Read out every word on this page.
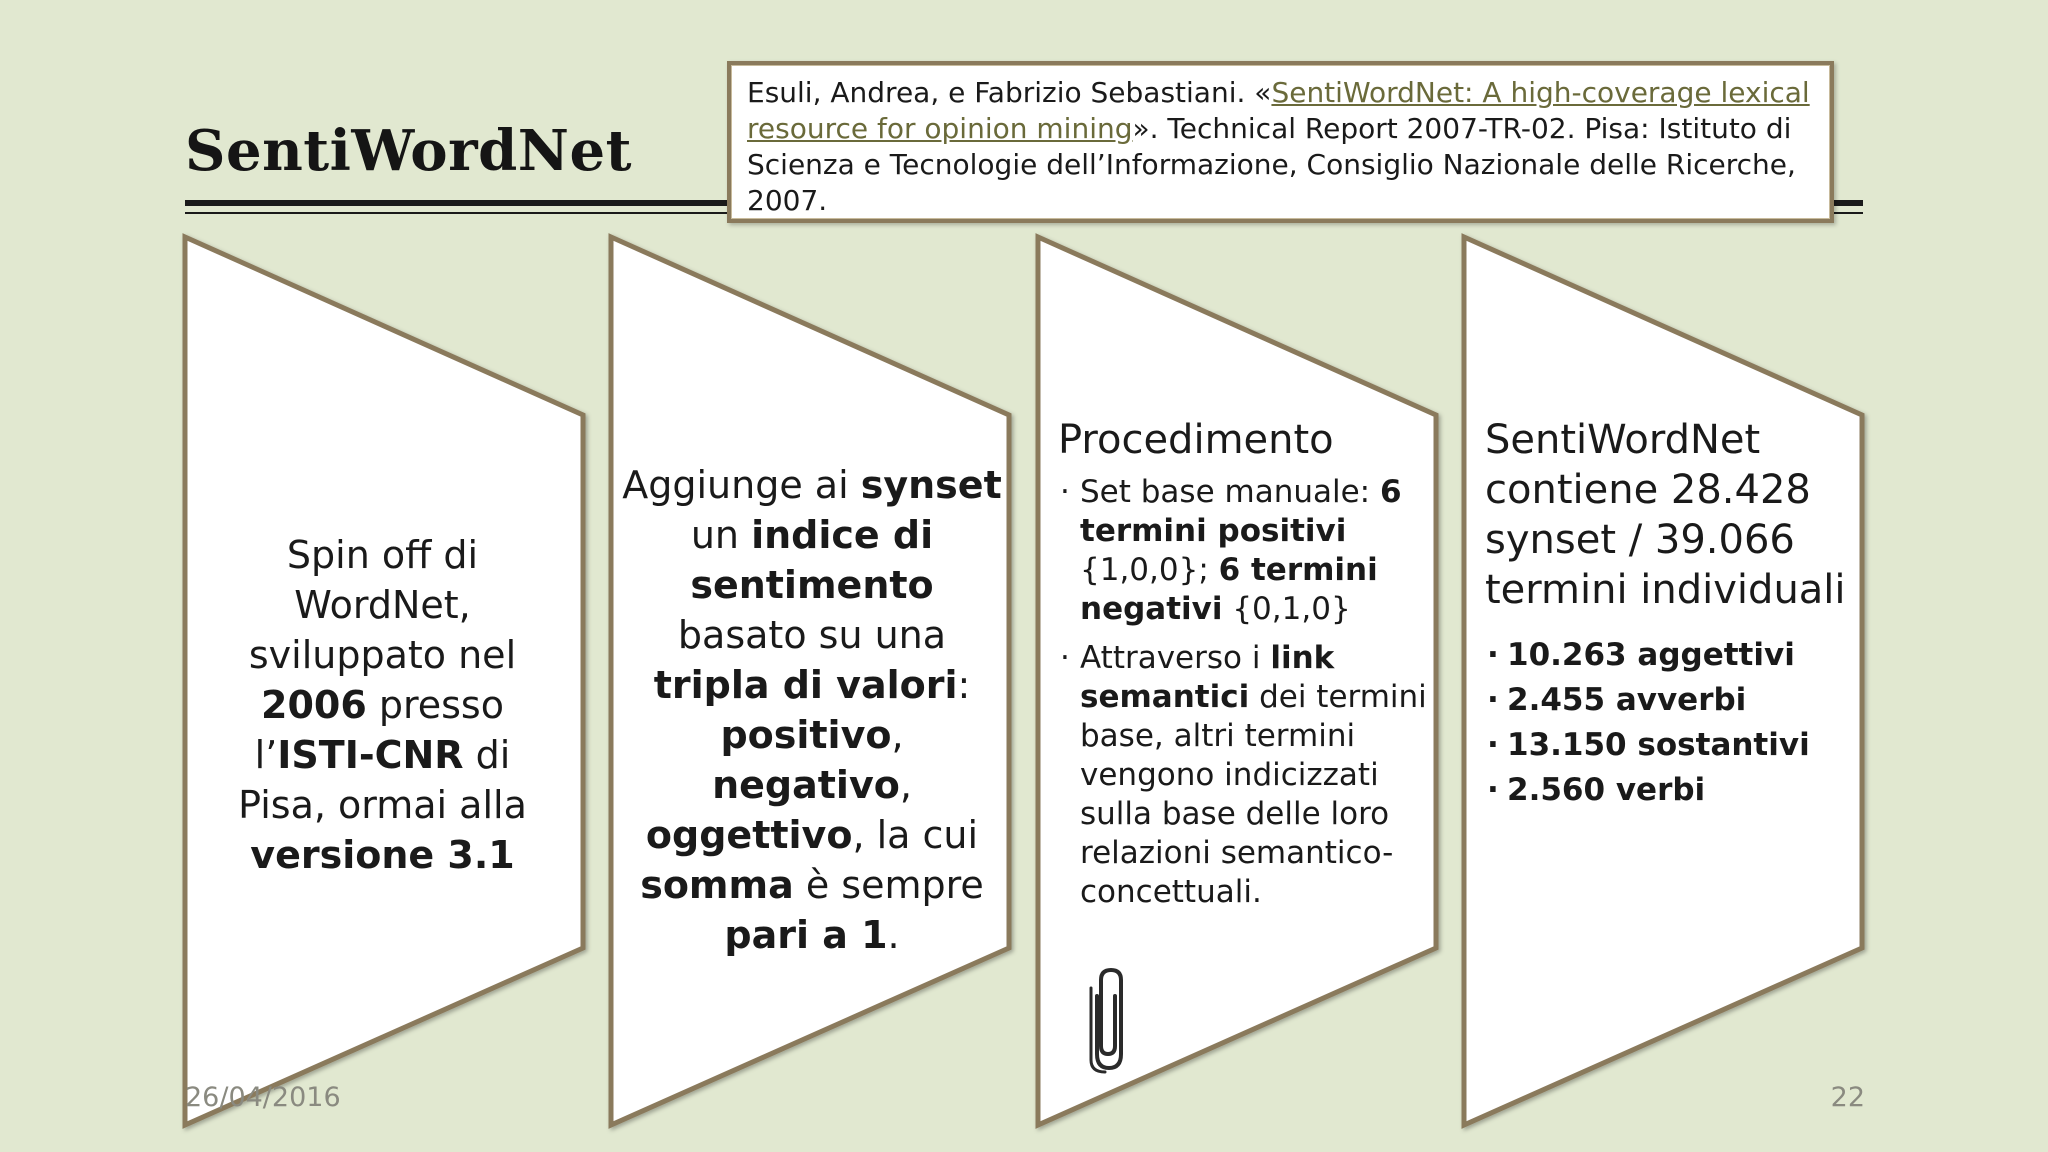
SentiWordNet
Esuli, Andrea, e Fabrizio Sebastiani. «SentiWordNet: A high-coverage lexical resource for opinion mining». Technical Report 2007-TR-02. Pisa: Istituto di Scienza e Tecnologie dell’Informazione, Consiglio Nazionale delle Ricerche, 2007.
Spin off di WordNet, sviluppato nel 2006 presso l’ISTI-CNR di Pisa, ormai alla versione 3.1
Aggiunge ai synset un indice di sentimento basato su una tripla di valori: positivo, negativo, oggettivo, la cui somma è sempre pari a 1.
Procedimento
· Set base manuale: 6 termini positivi {1,0,0}; 6 termini negativi {0,1,0}
· Attraverso i link semantici dei termini base, altri termini vengono indicizzati sulla base delle loro relazioni semantico-concettuali.
SentiWordNet contiene 28.428 synset / 39.066 termini individuali
· 10.263 aggettivi
· 2.455 avverbi
· 13.150 sostantivi
· 2.560 verbi
26/04/2016	22
